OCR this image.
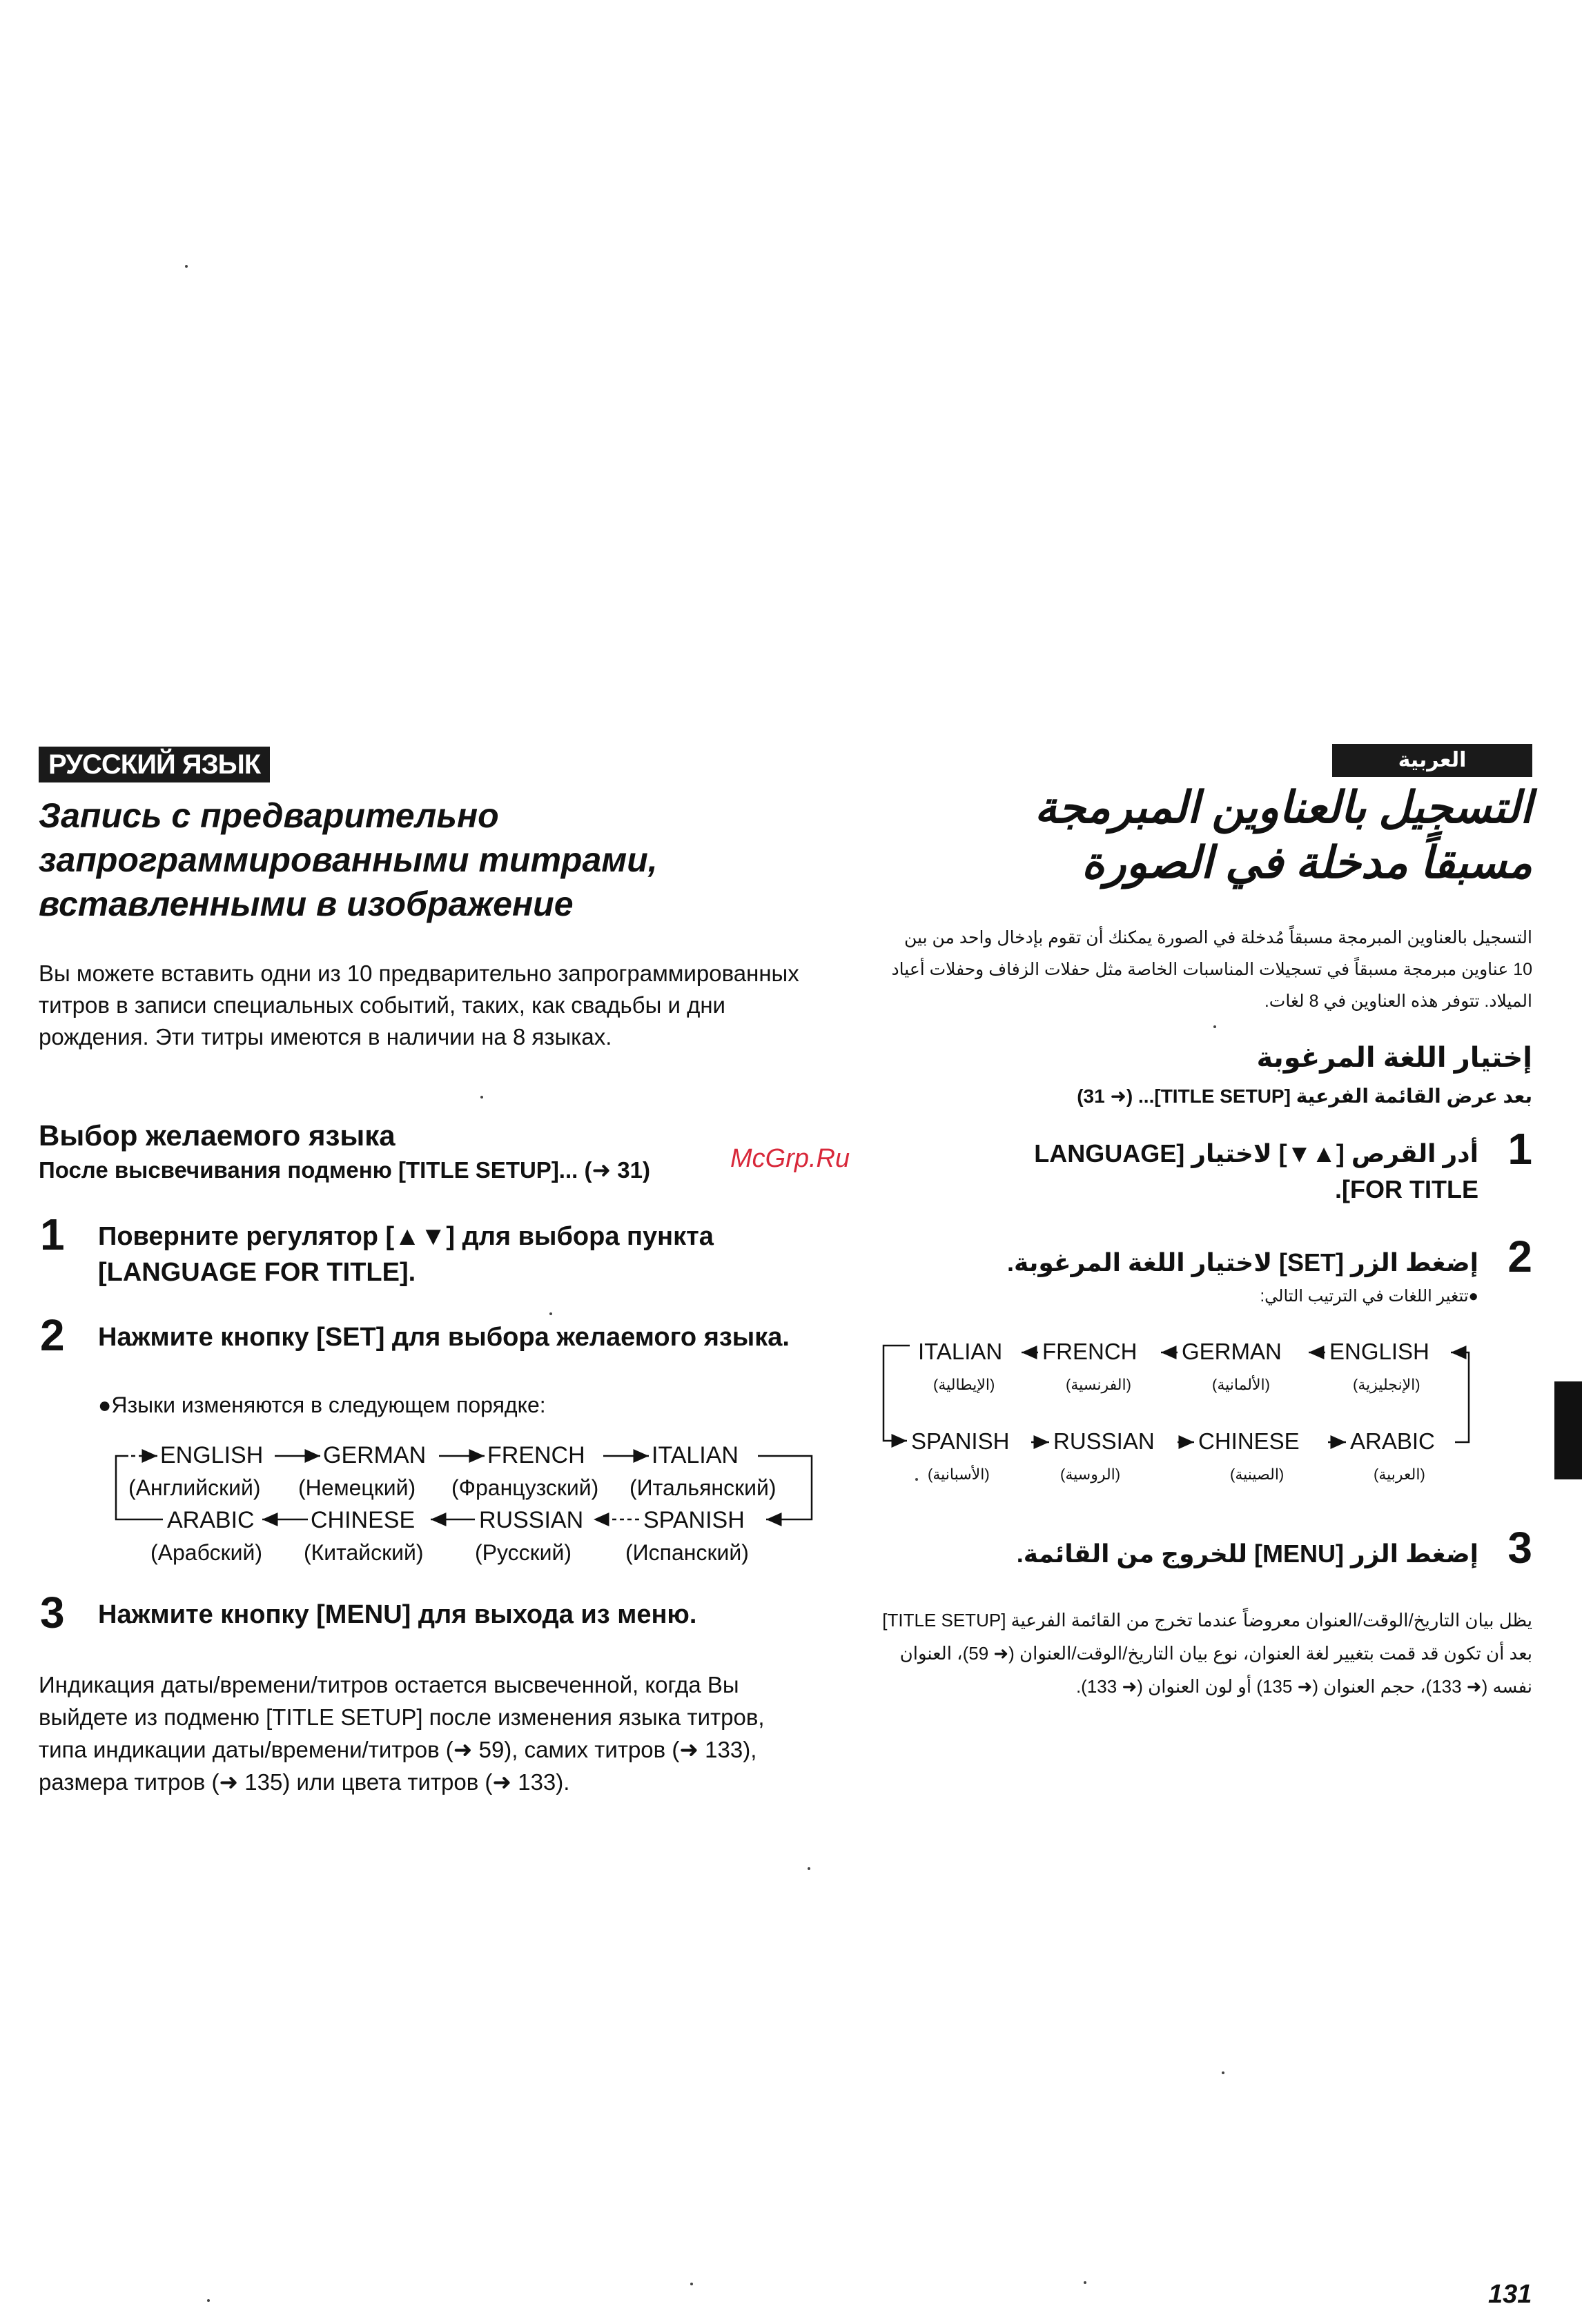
РУССКИЙ ЯЗЫК
Запись с предварительно
запрограммированными титрами,
вставленными в изображение
Вы можете вставить одни из 10 предварительно запрограммированных титров в записи специальных событий, таких, как свадьбы и дни рождения. Эти титры имеются в наличии на 8 языках.
Выбор желаемого языка
После высвечивания подменю [TITLE SETUP]... (➜ 31)	McGrp.Ru
1 Поверните регулятор [▲▼] для выбора пункта [LANGUAGE FOR TITLE].
2 Нажмите кнопку [SET] для выбора желаемого языка.
●Языки изменяются в следующем порядке:
ENGLISH	GERMAN	FRENCH	ITALIAN
(Английский) (Немецкий) (Французский) (Итальянский)
ARABIC CHINESE	RUSSIAN	SPANISH
(Арабский) (Китайский) (Русский) (Испанский)
3 Нажмите кнопку [MENU] для выхода из меню.
Индикация даты/времени/титров остается высвеченной, когда Вы выйдете из подменю [TITLE SETUP] после изменения языка титров, типа индикации даты/времени/титров (➜ 59), самих титров (➜ 133), размера титров (➜ 135) или цвета титров (➜ 133).
العربية
التسجيل بالعناوين المبرمجة
مسبقاً مدخلة في الصورة
التسجيل بالعناوين المبرمجة مسبقاً مُدخلة في الصورة يمكنك أن تقوم بإدخال واحد من بين 10 عناوين مبرمجة مسبقاً في تسجيلات المناسبات الخاصة مثل حفلات الزفاف وحفلات أعياد الميلاد. تتوفر هذه العناوين في 8 لغات.
إختيار اللغة المرغوبة
بعد عرض القائمة الفرعية [TITLE SETUP]... (➜ 31)
1
أدر القرص [▲▼] لاختيار [LANGUAGE FOR TITLE].
2
إضغط الزر [SET] لاختيار اللغة المرغوبة.
●تتغير اللغات في الترتيب التالي:
ITALIAN FRENCH GERMAN ENGLISH
(الإيطالية)	(الفرنسية)	(الألمانية)	(الإنجليزية)
SPANISH RUSSIAN CHINESE ARABIC
(الأسبانية)	(الروسية)	(الصينية)	(العربية)
3
إضغط الزر [MENU] للخروج من القائمة.
يظل بيان التاريخ/الوقت/العنوان معروضاً عندما تخرج من القائمة الفرعية [TITLE SETUP] بعد أن تكون قد قمت بتغيير لغة العنوان، نوع بيان التاريخ/الوقت/العنوان (➜ 59)، العنوان نفسه (➜ 133)، حجم العنوان (➜ 135) أو لون العنوان (➜ 133).
131
